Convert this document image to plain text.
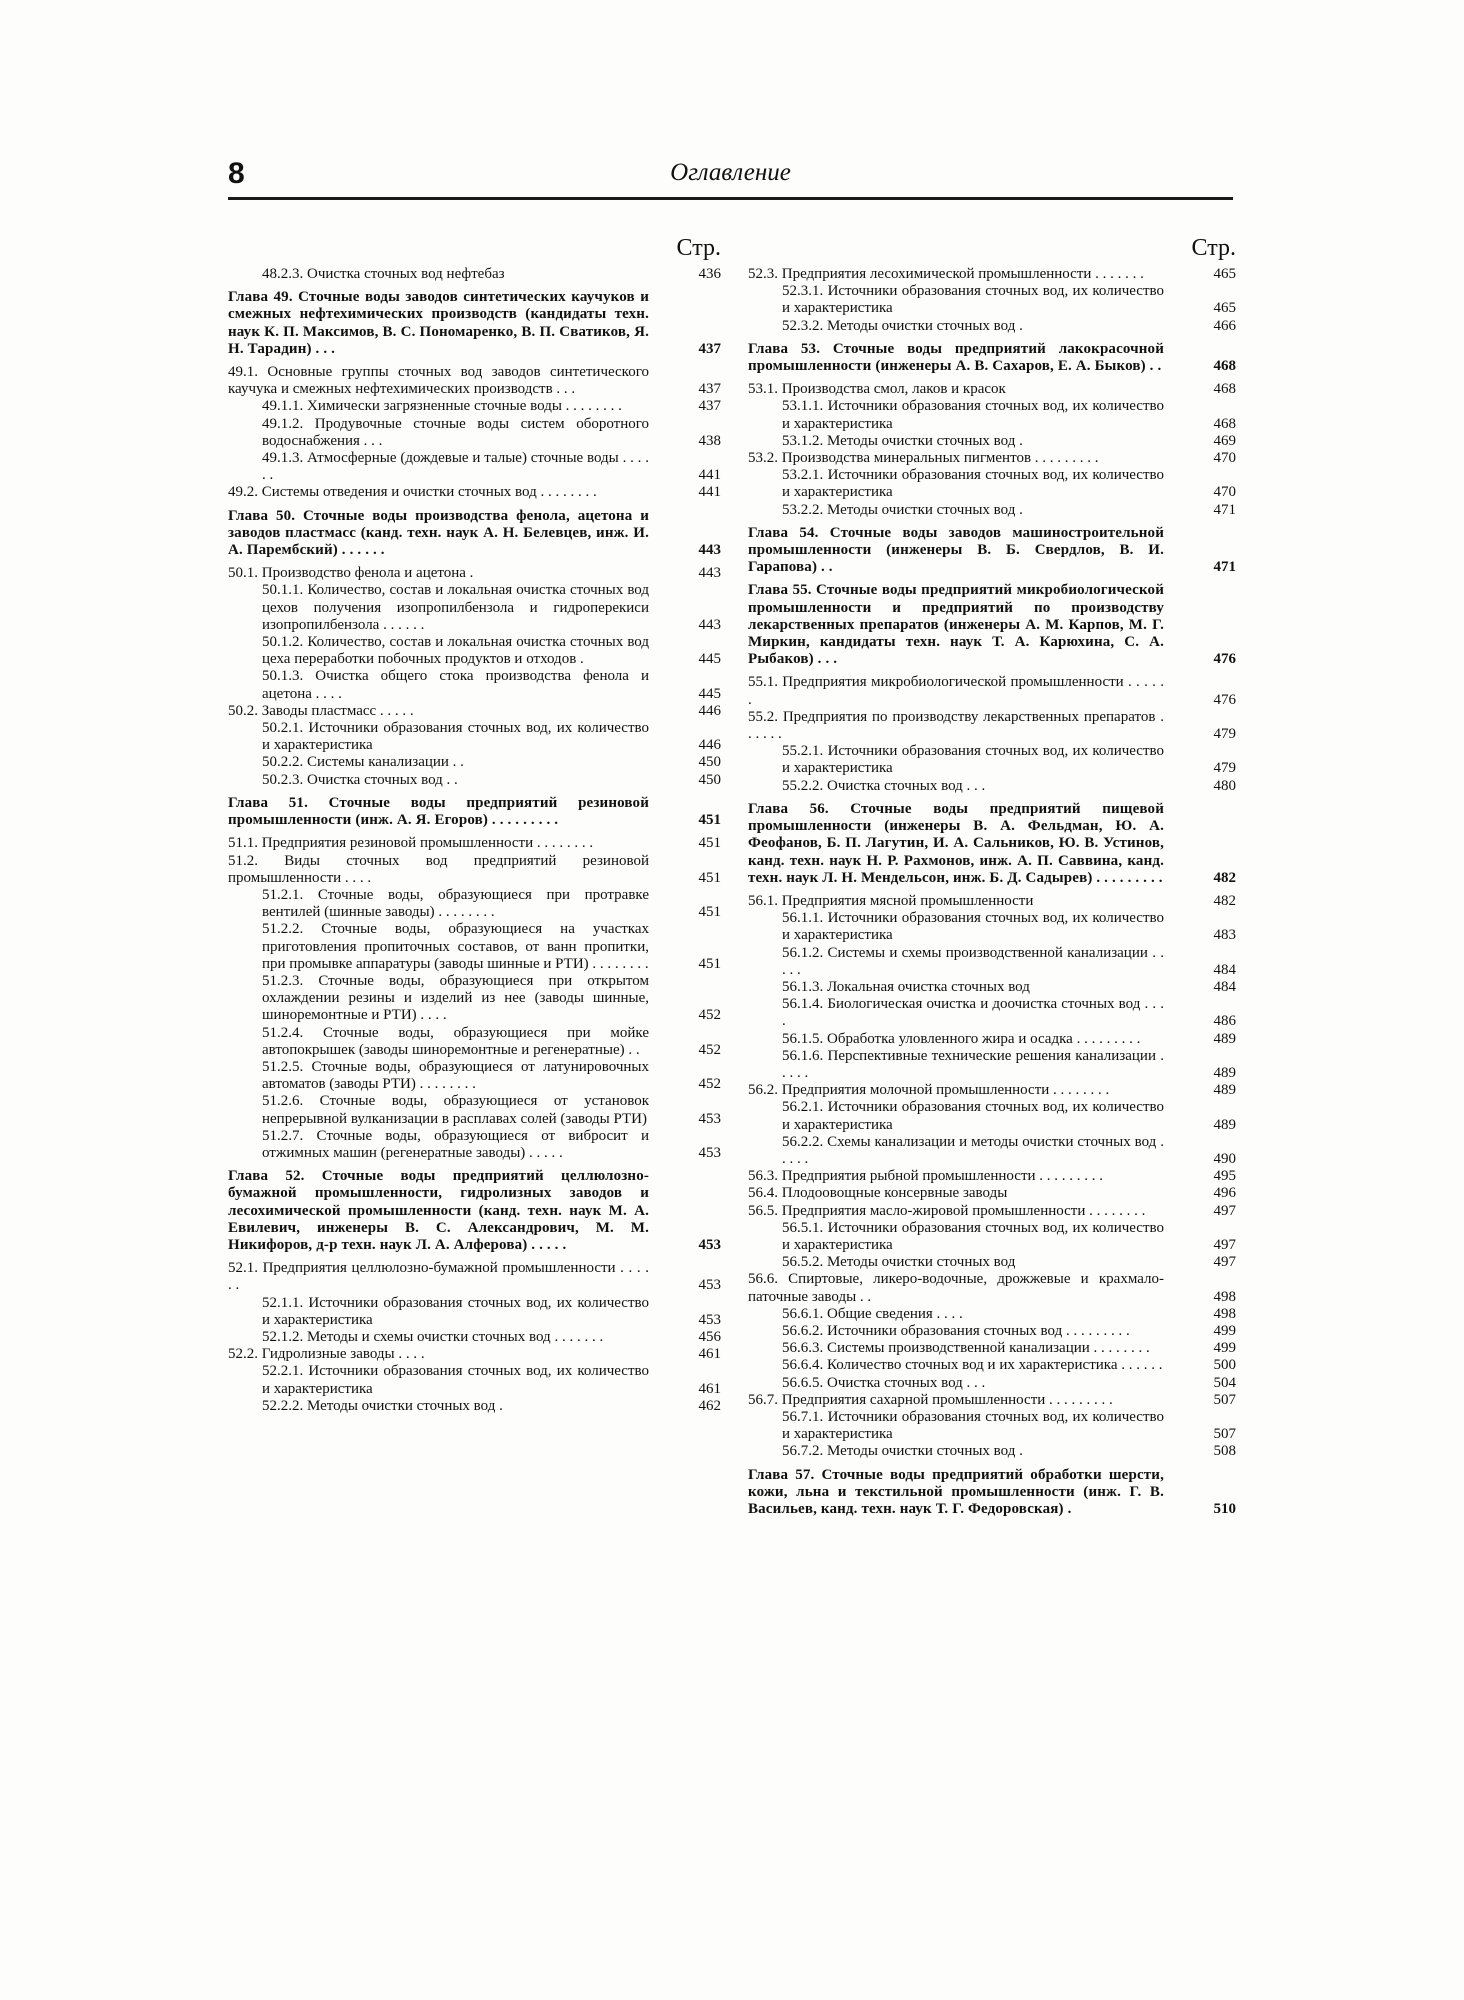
8	Оглавление
Стр.
48.2.3. Очистка сточных вод нефтебаз	436
Глава 49. Сточные воды заводов синтетических каучуков и смежных нефтехимических производств (кандидаты техн. наук К. П. Максимов, В. С. Пономаренко, В. П. Сватиков, Я. Н. Тарадин) . . .	437
49.1. Основные группы сточных вод заводов синтетического каучука и смежных нефтехимических производств . . .	437
49.1.1. Химически загрязненные сточные воды . . . . . . . .	437
49.1.2. Продувочные сточные воды систем оборотного водоснабжения . . .	438
49.1.3. Атмосферные (дождевые и талые) сточные воды . . . . . .	441
49.2. Системы отведения и очистки сточных вод . . . . . . . .	441
Глава 50. Сточные воды производства фенола, ацетона и заводов пластмасс (канд. техн. наук А. Н. Белевцев, инж. И. А. Парембский) . . . . . .	443
50.1. Производство фенола и ацетона .	443
50.1.1. Количество, состав и локальная очистка сточных вод цехов получения изопропилбензола и гидроперекиси изопропилбензола . . . . . .	443
50.1.2. Количество, состав и локальная очистка сточных вод цеха переработки побочных продуктов и отходов .	445
50.1.3. Очистка общего стока производства фенола и ацетона . . . .	445
50.2. Заводы пластмасс . . . . .	446
50.2.1. Источники образования сточных вод, их количество и характеристика	446
50.2.2. Системы канализации . .	450
50.2.3. Очистка сточных вод . .	450
Глава 51. Сточные воды предприятий резиновой промышленности (инж. А. Я. Егоров) . . . . . . . . .	451
51.1. Предприятия резиновой промышленности . . . . . . . .	451
51.2. Виды сточных вод предприятий резиновой промышленности . . . .	451
51.2.1. Сточные воды, образующиеся при протравке вентилей (шинные заводы) . . . . . . . .	451
51.2.2. Сточные воды, образующиеся на участках приготовления пропиточных составов, от ванн пропитки, при промывке аппаратуры (заводы шинные и РТИ) . . . . . . . .	451
51.2.3. Сточные воды, образующиеся при открытом охлаждении резины и изделий из нее (заводы шинные, шиноремонтные и РТИ) . . . .	452
51.2.4. Сточные воды, образующиеся при мойке автопокрышек (заводы шиноремонтные и регенератные) . .	452
51.2.5. Сточные воды, образующиеся от латунировочных автоматов (заводы РТИ) . . . . . . . .	452
51.2.6. Сточные воды, образующиеся от установок непрерывной вулканизации в расплавах солей (заводы РТИ)	453
51.2.7. Сточные воды, образующиеся от вибросит и отжимных машин (регенератные заводы) . . . . .	453
Глава 52. Сточные воды предприятий целлюлозно-бумажной промышленности, гидролизных заводов и лесохимической промышленности (канд. техн. наук М. А. Евилевич, инженеры В. С. Александрович, М. М. Никифоров, д-р техн. наук Л. А. Алферова) . . . . .	453
52.1. Предприятия целлюлозно-бумажной промышленности . . . . . .	453
52.1.1. Источники образования сточных вод, их количество и характеристика	453
52.1.2. Методы и схемы очистки сточных вод . . . . . . .	456
52.2. Гидролизные заводы . . . .	461
52.2.1. Источники образования сточных вод, их количество и характеристика	461
52.2.2. Методы очистки сточных вод .	462
Стр.
52.3. Предприятия лесохимической промышленности . . . . . . .	465
52.3.1. Источники образования сточных вод, их количество и характеристика	465
52.3.2. Методы очистки сточных вод .	466
Глава 53. Сточные воды предприятий лакокрасочной промышленности (инженеры А. В. Сахаров, Е. А. Быков) . .	468
53.1. Производства смол, лаков и красок	468
53.1.1. Источники образования сточных вод, их количество и характеристика	468
53.1.2. Методы очистки сточных вод .	469
53.2. Производства минеральных пигментов . . . . . . . . .	470
53.2.1. Источники образования сточных вод, их количество и характеристика	470
53.2.2. Методы очистки сточных вод .	471
Глава 54. Сточные воды заводов машиностроительной промышленности (инженеры В. Б. Свердлов, В. И. Гарапова) . .	471
Глава 55. Сточные воды предприятий микробиологической промышленности и предприятий по производству лекарственных препаратов (инженеры А. М. Карпов, М. Г. Миркин, кандидаты техн. наук Т. А. Карюхина, С. А. Рыбаков) . . .	476
55.1. Предприятия микробиологической промышленности . . . . . .	476
55.2. Предприятия по производству лекарственных препаратов . . . . . .	479
55.2.1. Источники образования сточных вод, их количество и характеристика	479
55.2.2. Очистка сточных вод . . .	480
Глава 56. Сточные воды предприятий пищевой промышленности (инженеры В. А. Фельдман, Ю. А. Феофанов, Б. П. Лагутин, И. А. Сальников, Ю. В. Устинов, канд. техн. наук Н. Р. Рахмонов, инж. А. П. Саввина, канд. техн. наук Л. Н. Мендельсон, инж. Б. Д. Садырев) . . . . . . . . .	482
56.1. Предприятия мясной промышленности	482
56.1.1. Источники образования сточных вод, их количество и характеристика	483
56.1.2. Системы и схемы производственной канализации . . . . .	484
56.1.3. Локальная очистка сточных вод	484
56.1.4. Биологическая очистка и доочистка сточных вод . . . .	486
56.1.5. Обработка уловленного жира и осадка . . . . . . . . .	489
56.1.6. Перспективные технические решения канализации . . . . .	489
56.2. Предприятия молочной промышленности . . . . . . . .	489
56.2.1. Источники образования сточных вод, их количество и характеристика	489
56.2.2. Схемы канализации и методы очистки сточных вод . . . . .	490
56.3. Предприятия рыбной промышленности . . . . . . . . .	495
56.4. Плодоовощные консервные заводы	496
56.5. Предприятия масло-жировой промышленности . . . . . . . .	497
56.5.1. Источники образования сточных вод, их количество и характеристика	497
56.5.2. Методы очистки сточных вод	497
56.6. Спиртовые, ликеро-водочные, дрожжевые и крахмало-паточные заводы . .	498
56.6.1. Общие сведения . . . .	498
56.6.2. Источники образования сточных вод . . . . . . . . .	499
56.6.3. Системы производственной канализации . . . . . . . .	499
56.6.4. Количество сточных вод и их характеристика . . . . . .	500
56.6.5. Очистка сточных вод . . .	504
56.7. Предприятия сахарной промышленности . . . . . . . . .	507
56.7.1. Источники образования сточных вод, их количество и характеристика	507
56.7.2. Методы очистки сточных вод .	508
Глава 57. Сточные воды предприятий обработки шерсти, кожи, льна и текстильной промышленности (инж. Г. В. Васильев, канд. техн. наук Т. Г. Федоровская) .	510
